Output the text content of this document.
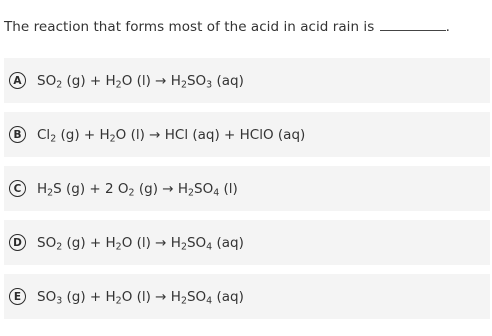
The reaction that forms most of the acid in acid rain is	.
A	$SO_2$ $(g) + H_2O$ $(l) \to H_2SO_3$ (aq)
B	$Cl_2$ $(g) + H_2O$ (l) → HCl (aq) + HClO (aq)
C	$H_2S$ (g) + 2 $O_2$ $(g) \to H_2SO_4$ (l)
D	$SO_2$ $(g) + H_2O$ $(l) \to H_2SO_4$ (aq)
E	$SO_3$ $(g) + H_2O$ $(l) \to H_2SO_4$ (aq)
